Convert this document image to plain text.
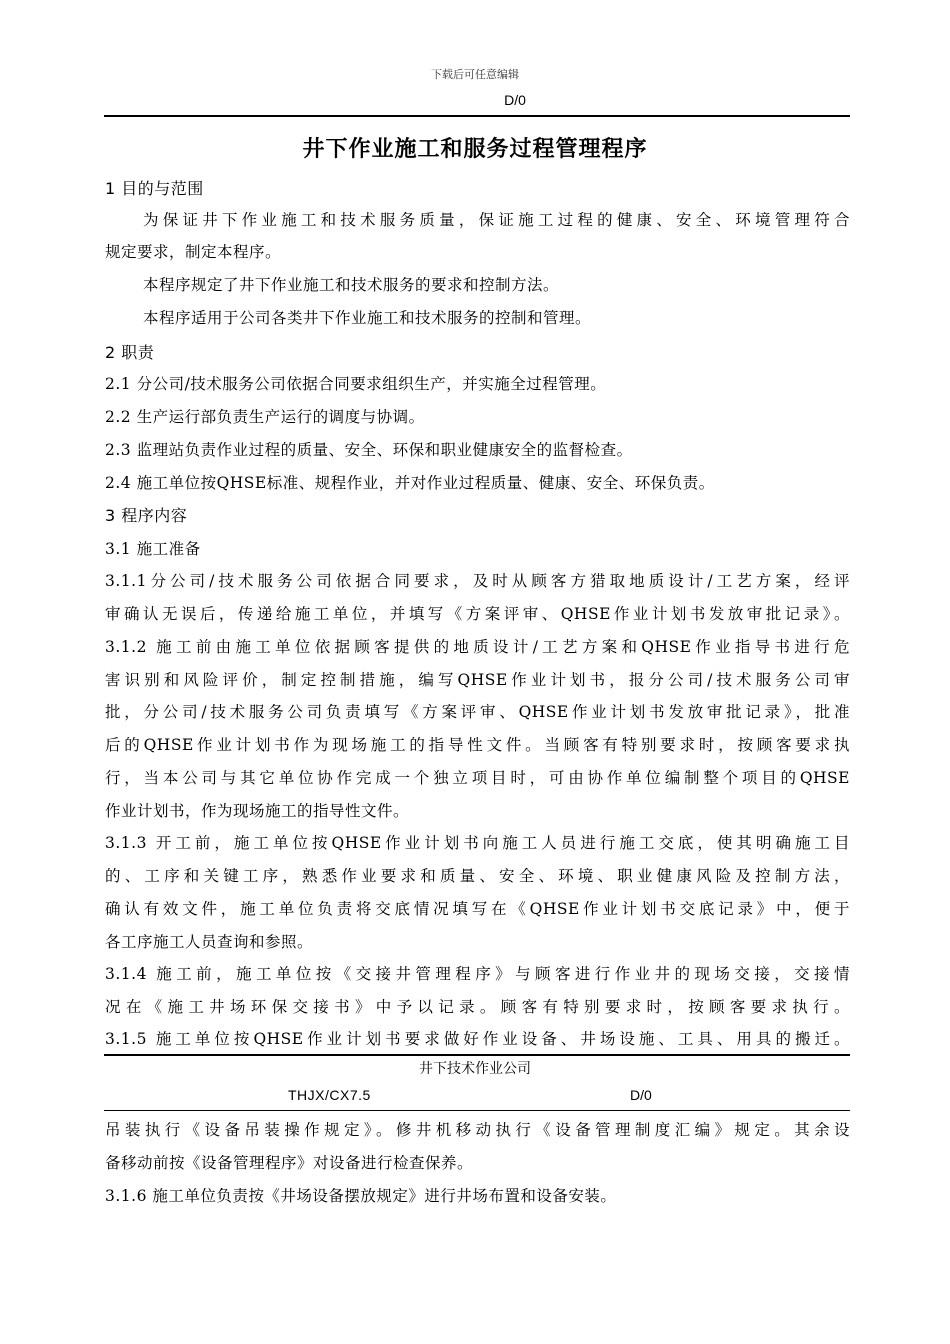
下载后可任意编辑
D/0
井下作业施工和服务过程管理程序
1 目的与范围
为保证井下作业施工和技术服务质量，保证施工过程的健康、安全、环境管理符合
规定要求，制定本程序。
本程序规定了井下作业施工和技术服务的要求和控制方法。
本程序适用于公司各类井下作业施工和技术服务的控制和管理。
2 职责
2.1 分公司/技术服务公司依据合同要求组织生产，并实施全过程管理。
2.2 生产运行部负责生产运行的调度与协调。
2.3 监理站负责作业过程的质量、安全、环保和职业健康安全的监督检查。
2.4 施工单位按QHSE标准、规程作业，并对作业过程质量、健康、安全、环保负责。
3 程序内容
3.1 施工准备
3.1.1分公司/技术服务公司依据合同要求，及时从顾客方猎取地质设计/工艺方案，经评
审确认无误后，传递给施工单位，并填写《方案评审、QHSE作业计划书发放审批记录》。
3.1.2 施工前由施工单位依据顾客提供的地质设计/工艺方案和QHSE作业指导书进行危
害识别和风险评价，制定控制措施，编写QHSE作业计划书，报分公司/技术服务公司审
批，分公司/技术服务公司负责填写《方案评审、QHSE作业计划书发放审批记录》，批准
后的QHSE作业计划书作为现场施工的指导性文件。当顾客有特别要求时，按顾客要求执
行，当本公司与其它单位协作完成一个独立项目时，可由协作单位编制整个项目的QHSE
作业计划书，作为现场施工的指导性文件。
3.1.3 开工前，施工单位按QHSE作业计划书向施工人员进行施工交底，使其明确施工目
的、工序和关键工序，熟悉作业要求和质量、安全、环境、职业健康风险及控制方法，
确认有效文件，施工单位负责将交底情况填写在《QHSE作业计划书交底记录》中，便于
各工序施工人员查询和参照。
3.1.4 施工前，施工单位按《交接井管理程序》与顾客进行作业井的现场交接，交接情
况在《施工井场环保交接书》中予以记录。顾客有特别要求时，按顾客要求执行。
3.1.5 施工单位按QHSE作业计划书要求做好作业设备、井场设施、工具、用具的搬迁。
井下技术作业公司
THJX/CX7.5	D/0
吊装执行《设备吊装操作规定》。修井机移动执行《设备管理制度汇编》规定。其余设
备移动前按《设备管理程序》对设备进行检查保养。
3.1.6 施工单位负责按《井场设备摆放规定》进行井场布置和设备安装。
